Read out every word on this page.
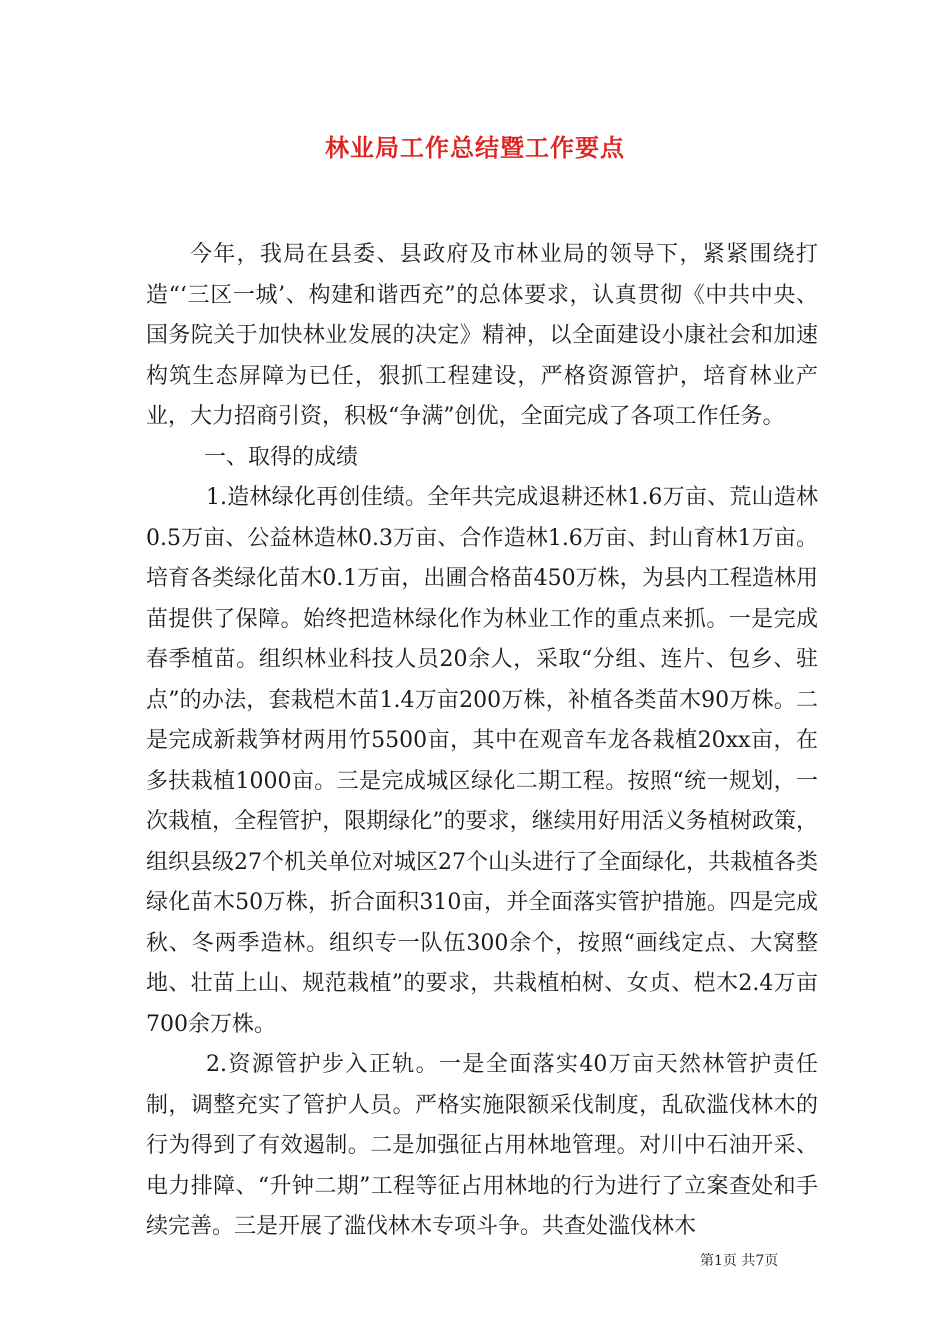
林业局工作总结暨工作要点

今年，我局在县委、县政府及市林业局的领导下，紧紧围绕打造“‘三区一城’、构建和谐西充”的总体要求，认真贯彻《中共中央、国务院关于加快林业发展的决定》精神，以全面建设小康社会和加速构筑生态屏障为已任，狠抓工程建设，严格资源管护，培育林业产业，大力招商引资，积极“争满”创优，全面完成了各项工作任务。

一、取得的成绩

1.造林绿化再创佳绩。全年共完成退耕还林1.6万亩、荒山造林0.5万亩、公益林造林0.3万亩、合作造林1.6万亩、封山育林1万亩。培育各类绿化苗木0.1万亩，出圃合格苗450万株，为县内工程造林用苗提供了保障。始终把造林绿化作为林业工作的重点来抓。一是完成春季植苗。组织林业科技人员20余人，采取“分组、连片、包乡、驻点”的办法，套栽桤木苗1.4万亩200万株，补植各类苗木90万株。二是完成新栽笋材两用竹5500亩，其中在观音车龙各栽植20xx亩，在多扶栽植1000亩。三是完成城区绿化二期工程。按照“统一规划，一次栽植，全程管护，限期绿化”的要求，继续用好用活义务植树政策，组织县级27个机关单位对城区27个山头进行了全面绿化，共栽植各类绿化苗木50万株，折合面积310亩，并全面落实管护措施。四是完成秋、冬两季造林。组织专一队伍300余个，按照“画线定点、大窝整地、壮苗上山、规范栽植”的要求，共栽植柏树、女贞、桤木2.4万亩700余万株。

2.资源管护步入正轨。一是全面落实40万亩天然林管护责任制，调整充实了管护人员。严格实施限额采伐制度，乱砍滥伐林木的行为得到了有效遏制。二是加强征占用林地管理。对川中石油开采、电力排障、“升钟二期”工程等征占用林地的行为进行了立案查处和手续完善。三是开展了滥伐林木专项斗争。共查处滥伐林木

第1页 共7页
